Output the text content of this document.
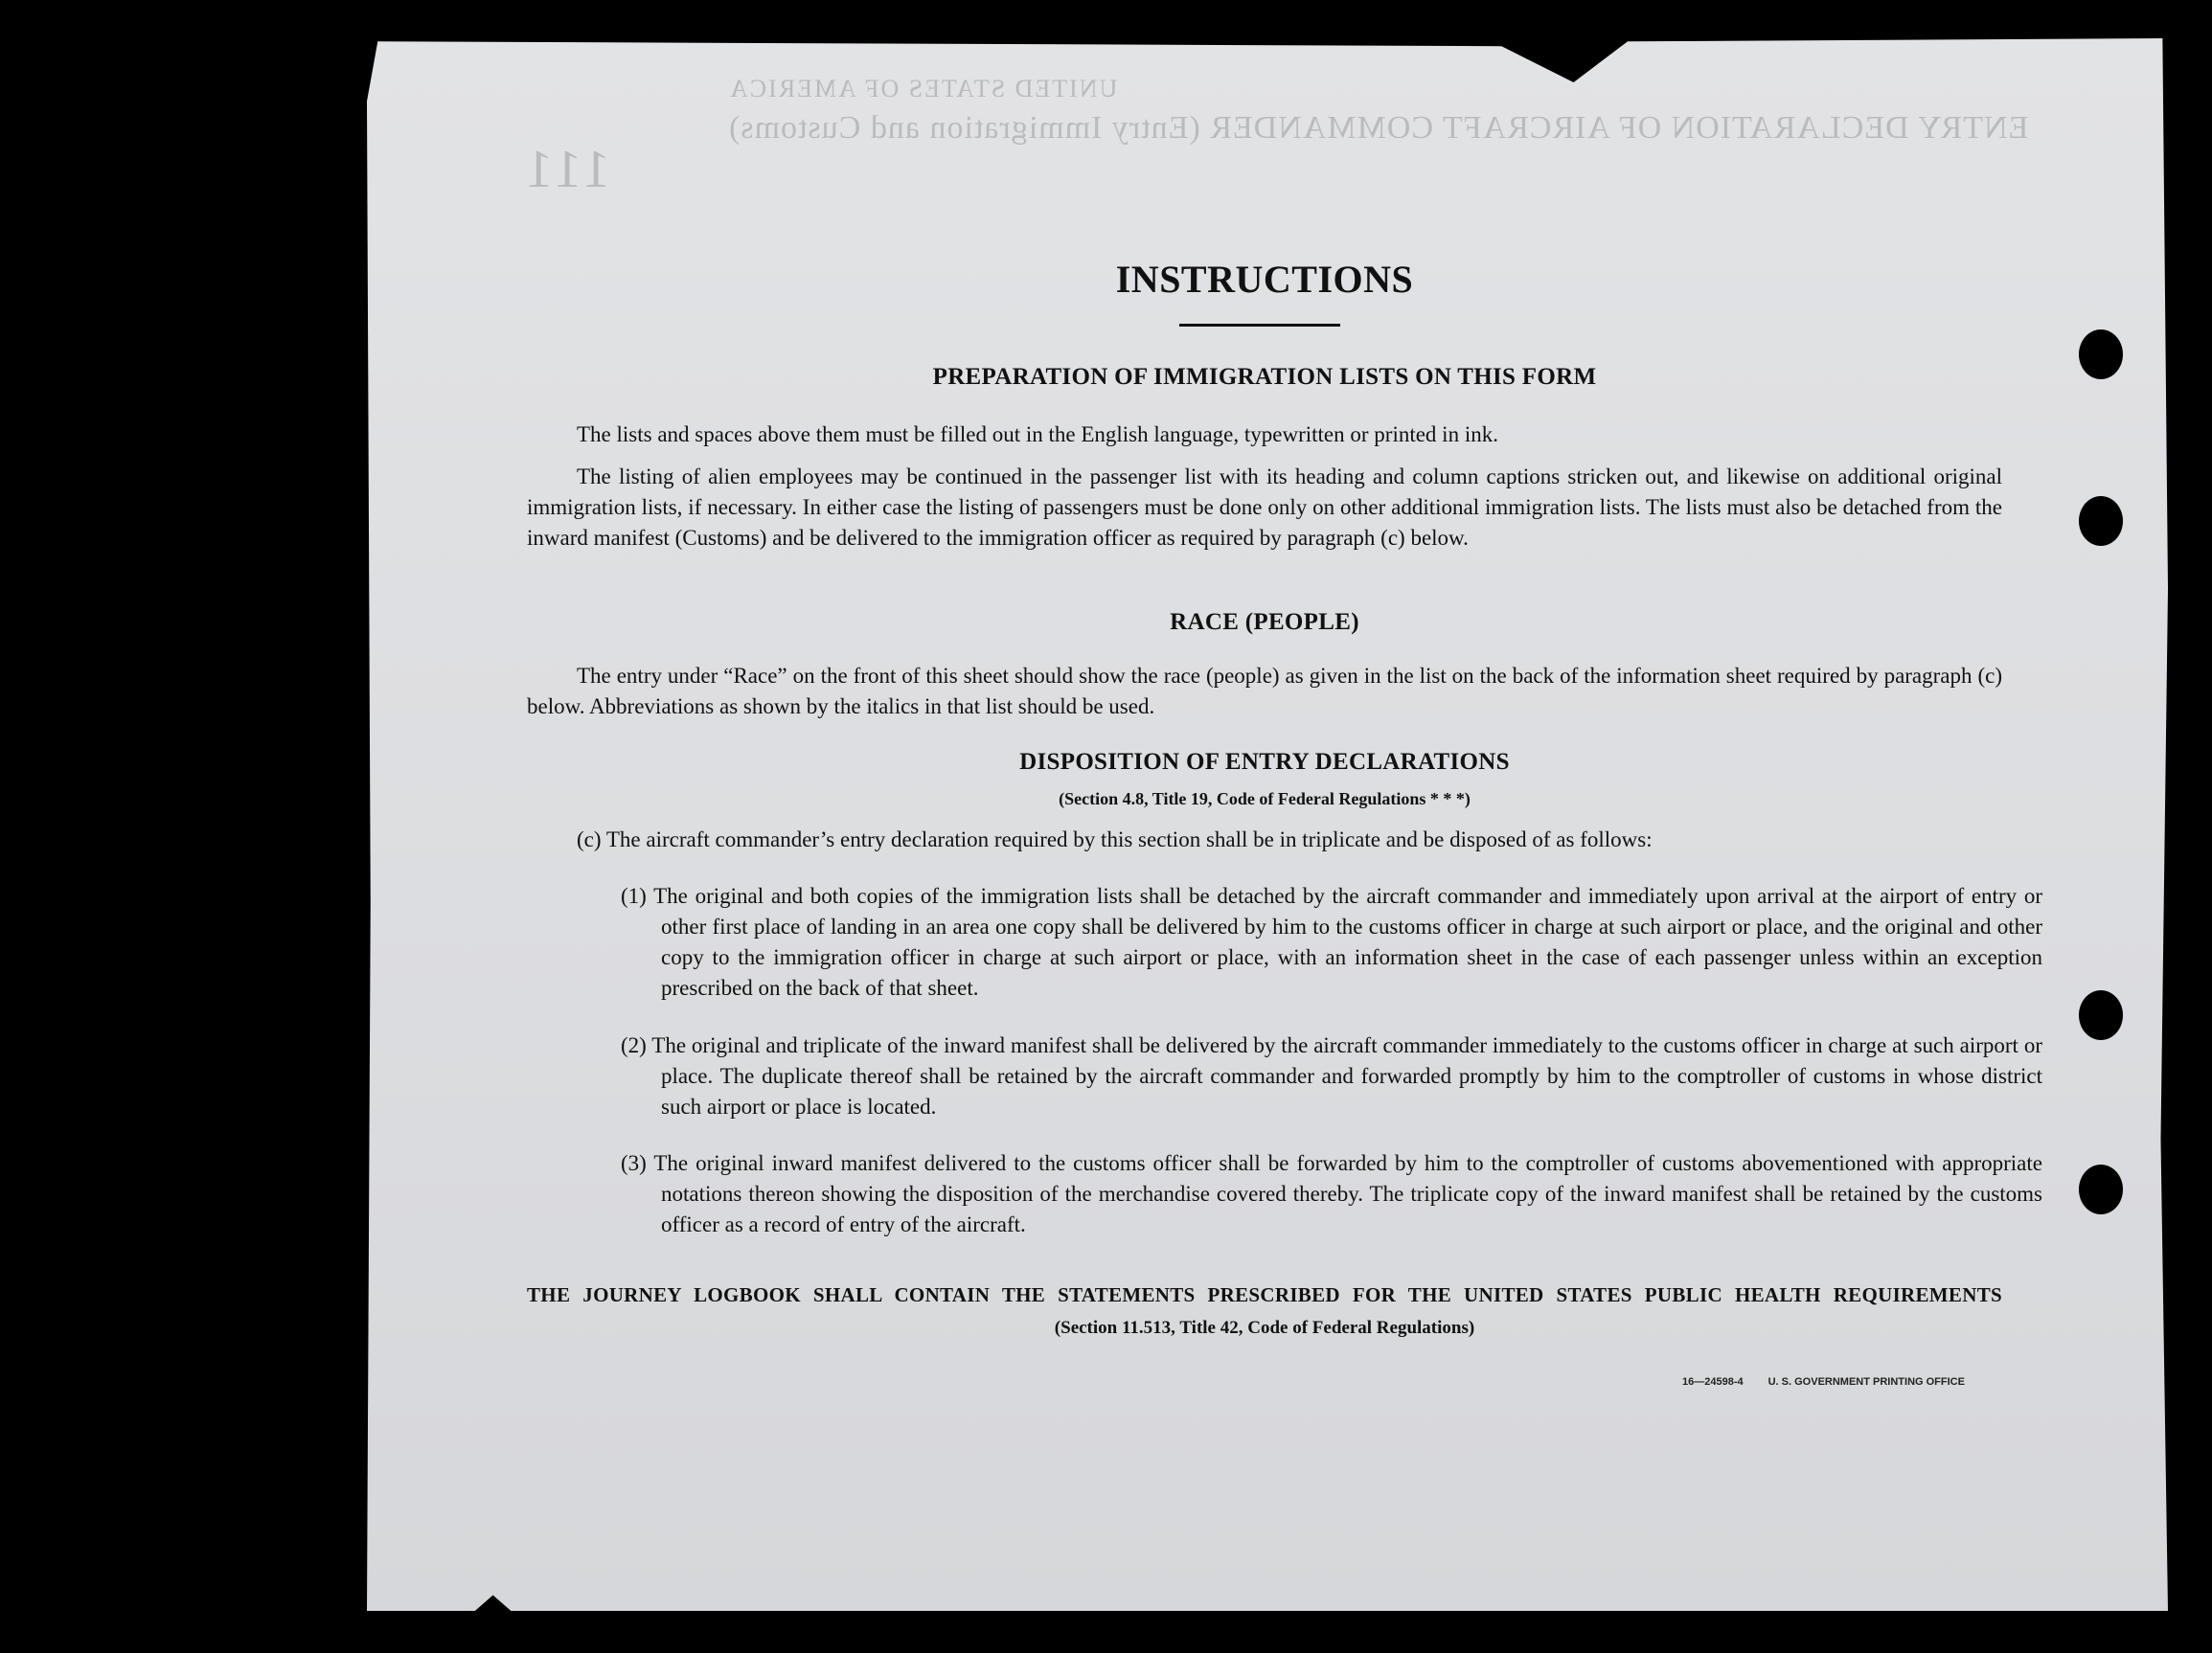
UNITED STATES OF AMERICA
ENTRY DECLARATION OF AIRCRAFT COMMANDER (Entry Immigration and Customs)
111
INSTRUCTIONS
PREPARATION OF IMMIGRATION LISTS ON THIS FORM

The lists and spaces above them must be filled out in the English language, typewritten or printed in ink.

The listing of alien employees may be continued in the passenger list with its heading and column captions stricken out, and likewise on additional original immigration lists, if necessary. In either case the listing of passengers must be done only on other additional immigration lists. The lists must also be detached from the inward manifest (Customs) and be delivered to the immigration officer as required by paragraph (c) below.

RACE (PEOPLE)

The entry under “Race” on the front of this sheet should show the race (people) as given in the list on the back of the information sheet required by paragraph (c) below. Abbreviations as shown by the italics in that list should be used.

DISPOSITION OF ENTRY DECLARATIONS
(Section 4.8, Title 19, Code of Federal Regulations * * *)

(c) The aircraft commander’s entry declaration required by this section shall be in triplicate and be disposed of as follows:

(1) The original and both copies of the immigration lists shall be detached by the aircraft commander and immediately upon arrival at the airport of entry or other first place of landing in an area one copy shall be delivered by him to the customs officer in charge at such airport or place, and the original and other copy to the immigration officer in charge at such airport or place, with an information sheet in the case of each passenger unless within an exception prescribed on the back of that sheet.

(2) The original and triplicate of the inward manifest shall be delivered by the aircraft commander immediately to the customs officer in charge at such airport or place. The duplicate thereof shall be retained by the aircraft commander and forwarded promptly by him to the comptroller of customs in whose district such airport or place is located.

(3) The original inward manifest delivered to the customs officer shall be forwarded by him to the comptroller of customs abovementioned with appropriate notations thereon showing the disposition of the merchandise covered thereby. The triplicate copy of the inward manifest shall be retained by the customs officer as a record of entry of the aircraft.

THE JOURNEY LOGBOOK SHALL CONTAIN THE STATEMENTS PRESCRIBED FOR THE UNITED STATES PUBLIC HEALTH REQUIREMENTS
(Section 11.513, Title 42, Code of Federal Regulations)
16—24598-4 U. S. GOVERNMENT PRINTING OFFICE
